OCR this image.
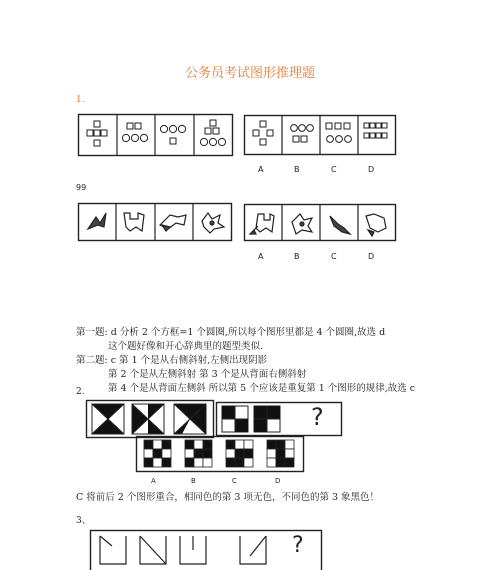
公务员考试图形推理题
1.
A	B	C	D
99
A	B	C	D
第一题: d 分析 2 个方框=1 个圆圈,所以每个图形里都是 4 个圆圈,故选 d
这个题好像和开心辞典里的题型类似.
第二题: c 第 1 个是从右侧斜射,左侧出现阴影
第 2 个是从左侧斜射 第 3 个是从背面右侧斜射
第 4 个是从背面左侧斜 所以第 5 个应该是重复第 1 个图形的规律,故选 c
2.
?
A	B	C	D
C 将前后 2 个图形重合，相同色的第 3 项无色，不同色的第 3 象黑色！
3、
?
